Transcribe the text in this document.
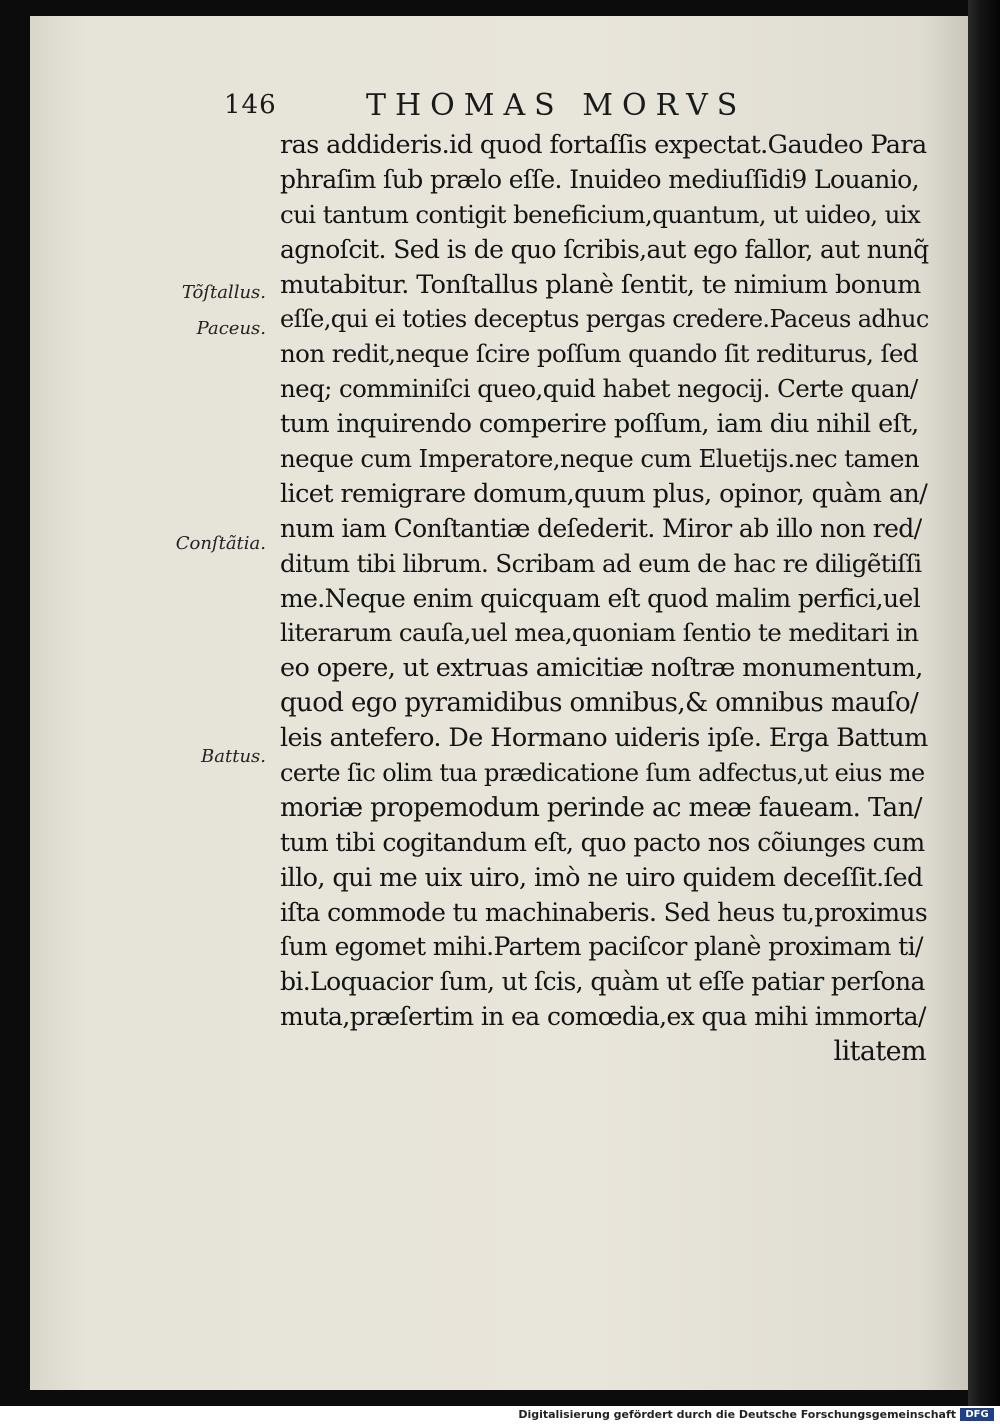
146	THOMAS MORVS
Tõſtallus.
Paceus.
Conſtãtia.
Battus.
ras addideris.id quod fortaſſis expectat.Gaudeo Para
phraſim ſub prælo eſſe. Inuideo mediuſſidi9 Louanio,
cui tantum contigit beneficium,quantum, ut uideo, uix
agnoſcit. Sed is de quo ſcribis,aut ego fallor, aut nunq̃
mutabitur. Tonſtallus planè ſentit, te nimium bonum
eſſe,qui ei toties deceptus pergas credere.Paceus adhuc
non redit,neque ſcire poſſum quando ſit rediturus, ſed
neq; comminiſci queo,quid habet negocij. Certe quan/
tum inquirendo comperire poſſum, iam diu nihil eſt,
neque cum Imperatore,neque cum Eluetijs.nec tamen
licet remigrare domum,quum plus, opinor, quàm an/
num iam Conſtantiæ deſederit. Miror ab illo non red/
ditum tibi librum. Scribam ad eum de hac re diligẽtiſſi
me.Neque enim quicquam eſt quod malim perfici,uel
literarum cauſa,uel mea,quoniam ſentio te meditari in
eo opere, ut extruas amicitiæ noſtræ monumentum,
quod ego pyramidibus omnibus,& omnibus mauſo/
leis antefero. De Hormano uideris ipſe. Erga Battum
certe ſic olim tua prædicatione ſum adfectus,ut eius me
moriæ propemodum perinde ac meæ faueam. Tan/
tum tibi cogitandum eſt, quo pacto nos cõiunges cum
illo, qui me uix uiro, imò ne uiro quidem deceſſit.ſed
iſta commode tu machinaberis. Sed heus tu,proximus
ſum egomet mihi.Partem paciſcor planè proximam ti/
bi.Loquacior ſum, ut ſcis, quàm ut eſſe patiar perſona
muta,præſertim in ea comœdia,ex qua mihi immorta/
litatem
Digitalisierung gefördert durch die Deutsche Forschungsgemeinschaft DFG
